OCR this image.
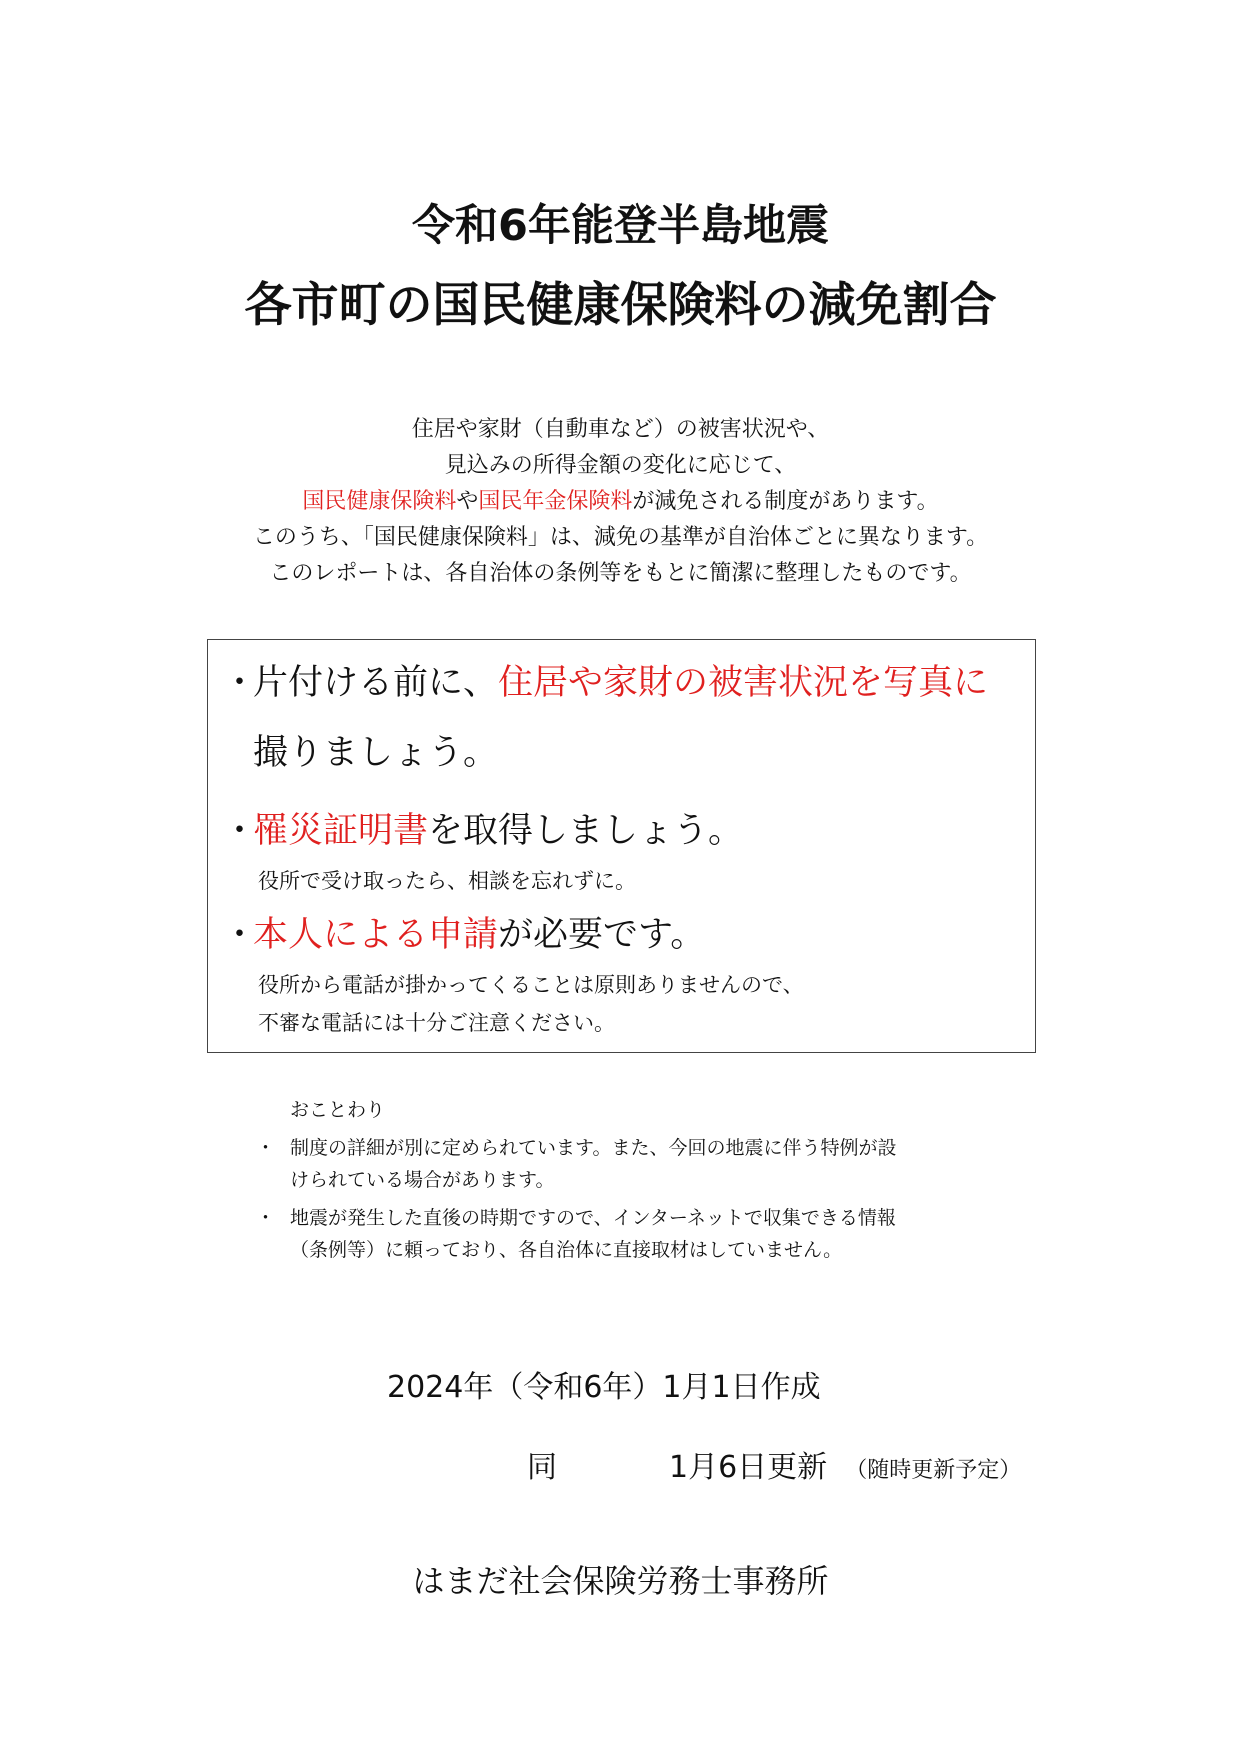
令和6年能登半島地震
各市町の国民健康保険料の減免割合

住居や家財（自動車など）の被害状況や、

見込みの所得金額の変化に応じて、

国民健康保険料や国民年金保険料が減免される制度があります。

このうち、「国民健康保険料」は、減免の基準が自治体ごとに異なります。

このレポートは、各自治体の条例等をもとに簡潔に整理したものです。

・片付ける前に、住居や家財の被害状況を写真に
撮りましょう。
・罹災証明書を取得しましょう。
役所で受け取ったら、相談を忘れずに。
・本人による申請が必要です。
役所から電話が掛かってくることは原則ありませんので、
不審な電話には十分ご注意ください。
おことわり
・ 制度の詳細が別に定められています。また、今回の地震に伴う特例が設
けられている場合があります。
・ 地震が発生した直後の時期ですので、インターネットで収集できる情報
（条例等）に頼っており、各自治体に直接取材はしていません。
2024年（令和6年）1月1日作成
同	1月6日更新 （随時更新予定）
はまだ社会保険労務士事務所
